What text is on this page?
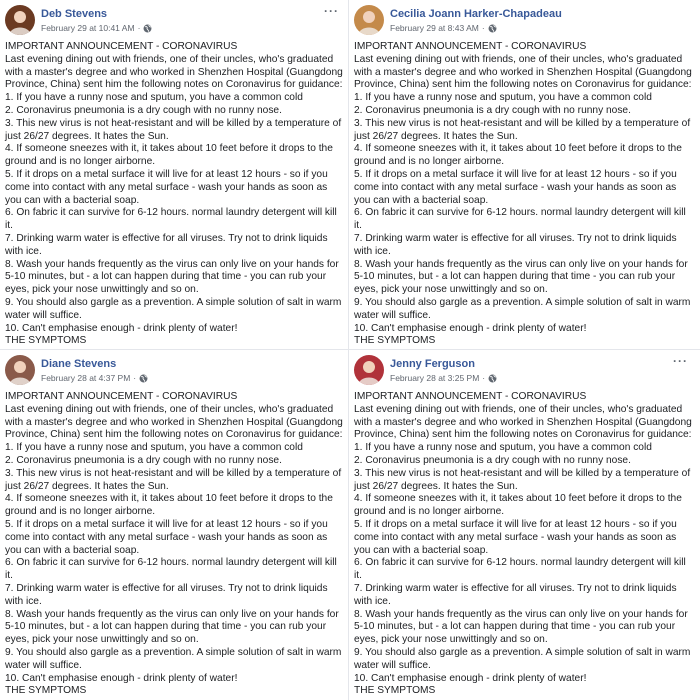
Deb Stevens
February 29 at 10:41 AM ·
···

IMPORTANT ANNOUNCEMENT - CORONAVIRUS

Last evening dining out with friends, one of their uncles, who's graduated with a master's degree and who worked in Shenzhen Hospital (Guangdong Province, China) sent him the following notes on Coronavirus for guidance:

1. If you have a runny nose and sputum, you have a common cold

2. Coronavirus pneumonia is a dry cough with no runny nose.

3. This new virus is not heat-resistant and will be killed by a temperature of just 26/27 degrees. It hates the Sun.

4. If someone sneezes with it, it takes about 10 feet before it drops to the ground and is no longer airborne.

5. If it drops on a metal surface it will live for at least 12 hours - so if you come into contact with any metal surface - wash your hands as soon as you can with a bacterial soap.

6. On fabric it can survive for 6-12 hours. normal laundry detergent will kill it.

7. Drinking warm water is effective for all viruses. Try not to drink liquids with ice.

8. Wash your hands frequently as the virus can only live on your hands for 5-10 minutes, but - a lot can happen during that time - you can rub your eyes, pick your nose unwittingly and so on.

9. You should also gargle as a prevention. A simple solution of salt in warm water will suffice.

10. Can't emphasise enough - drink plenty of water!

THE SYMPTOMS

Cecilia Joann Harker-Chapadeau
February 29 at 8:43 AM ·

IMPORTANT ANNOUNCEMENT - CORONAVIRUS

Last evening dining out with friends, one of their uncles, who's graduated with a master's degree and who worked in Shenzhen Hospital (Guangdong Province, China) sent him the following notes on Coronavirus for guidance:

1. If you have a runny nose and sputum, you have a common cold

2. Coronavirus pneumonia is a dry cough with no runny nose.

3. This new virus is not heat-resistant and will be killed by a temperature of just 26/27 degrees. It hates the Sun.

4. If someone sneezes with it, it takes about 10 feet before it drops to the ground and is no longer airborne.

5. If it drops on a metal surface it will live for at least 12 hours - so if you come into contact with any metal surface - wash your hands as soon as you can with a bacterial soap.

6. On fabric it can survive for 6-12 hours. normal laundry detergent will kill it.

7. Drinking warm water is effective for all viruses. Try not to drink liquids with ice.

8. Wash your hands frequently as the virus can only live on your hands for 5-10 minutes, but - a lot can happen during that time - you can rub your eyes, pick your nose unwittingly and so on.

9. You should also gargle as a prevention. A simple solution of salt in warm water will suffice.

10. Can't emphasise enough - drink plenty of water!

THE SYMPTOMS

Diane Stevens
February 28 at 4:37 PM ·

IMPORTANT ANNOUNCEMENT - CORONAVIRUS

Last evening dining out with friends, one of their uncles, who's graduated with a master's degree and who worked in Shenzhen Hospital (Guangdong Province, China) sent him the following notes on Coronavirus for guidance:

1. If you have a runny nose and sputum, you have a common cold

2. Coronavirus pneumonia is a dry cough with no runny nose.

3. This new virus is not heat-resistant and will be killed by a temperature of just 26/27 degrees. It hates the Sun.

4. If someone sneezes with it, it takes about 10 feet before it drops to the ground and is no longer airborne.

5. If it drops on a metal surface it will live for at least 12 hours - so if you come into contact with any metal surface - wash your hands as soon as you can with a bacterial soap.

6. On fabric it can survive for 6-12 hours. normal laundry detergent will kill it.

7. Drinking warm water is effective for all viruses. Try not to drink liquids with ice.

8. Wash your hands frequently as the virus can only live on your hands for 5-10 minutes, but - a lot can happen during that time - you can rub your eyes, pick your nose unwittingly and so on.

9. You should also gargle as a prevention. A simple solution of salt in warm water will suffice.

10. Can't emphasise enough - drink plenty of water!

THE SYMPTOMS

Jenny Ferguson
February 28 at 3:25 PM ·
···

IMPORTANT ANNOUNCEMENT - CORONAVIRUS

Last evening dining out with friends, one of their uncles, who's graduated with a master's degree and who worked in Shenzhen Hospital (Guangdong Province, China) sent him the following notes on Coronavirus for guidance:

1. If you have a runny nose and sputum, you have a common cold

2. Coronavirus pneumonia is a dry cough with no runny nose.

3. This new virus is not heat-resistant and will be killed by a temperature of just 26/27 degrees. It hates the Sun.

4. If someone sneezes with it, it takes about 10 feet before it drops to the ground and is no longer airborne.

5. If it drops on a metal surface it will live for at least 12 hours - so if you come into contact with any metal surface - wash your hands as soon as you can with a bacterial soap.

6. On fabric it can survive for 6-12 hours. normal laundry detergent will kill it.

7. Drinking warm water is effective for all viruses. Try not to drink liquids with ice.

8. Wash your hands frequently as the virus can only live on your hands for 5-10 minutes, but - a lot can happen during that time - you can rub your eyes, pick your nose unwittingly and so on.

9. You should also gargle as a prevention. A simple solution of salt in warm water will suffice.

10. Can't emphasise enough - drink plenty of water!

THE SYMPTOMS
